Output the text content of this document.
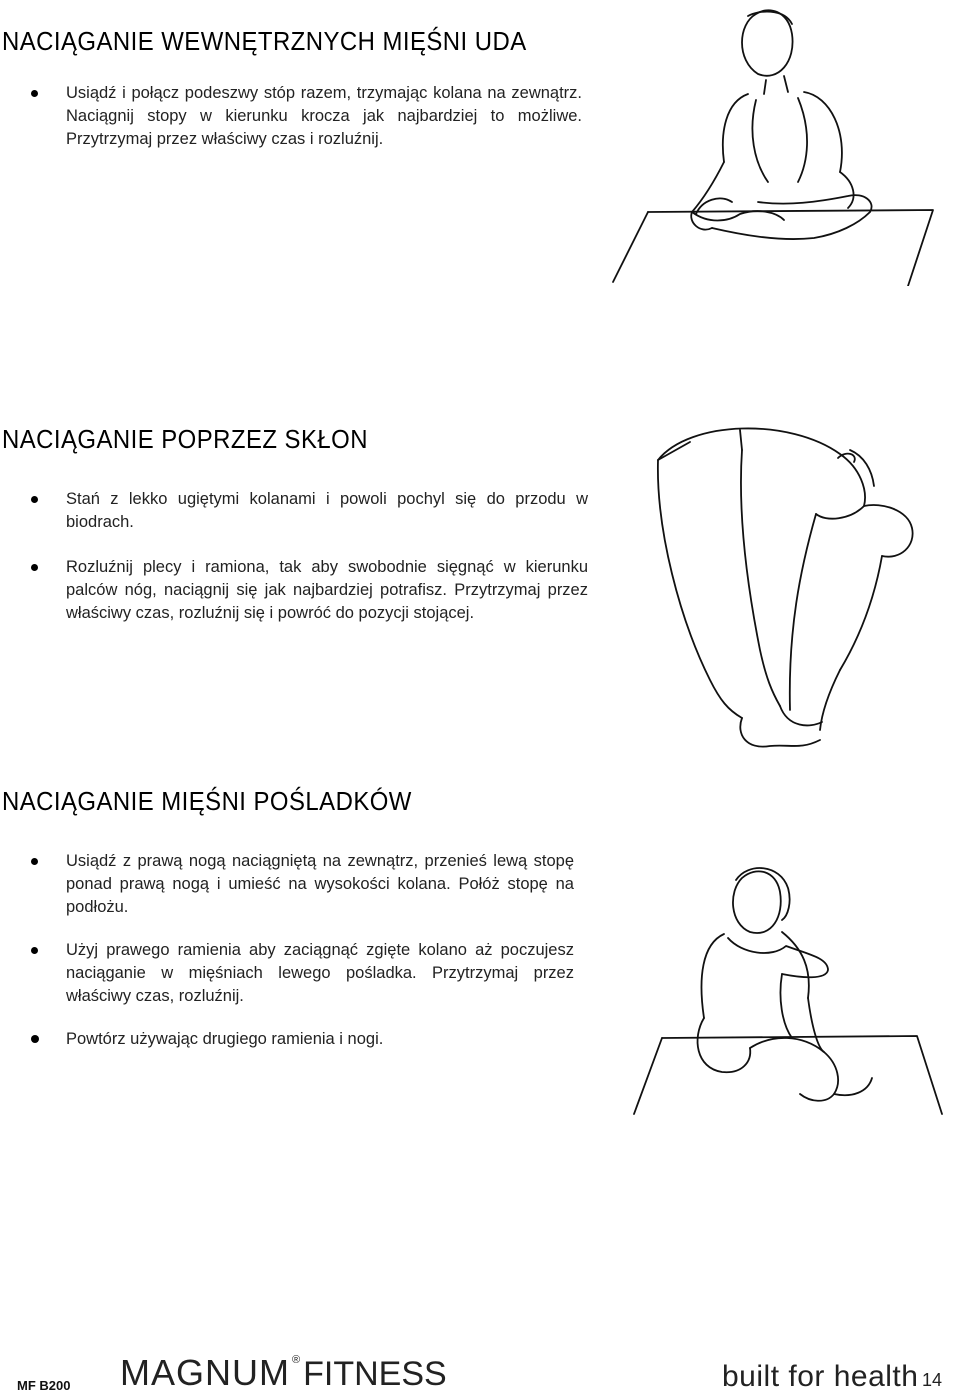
NACIĄGANIE WEWNĘTRZNYCH MIĘŚNI UDA
Usiądź i połącz podeszwy stóp razem, trzymając kolana na zewnątrz. Naciągnij stopy w kierunku krocza jak najbardziej to możliwe. Przytrzymaj przez właściwy czas i rozluźnij.
NACIĄGANIE POPRZEZ SKŁON
Stań z lekko ugiętymi kolanami i powoli pochyl się do przodu w biodrach.
Rozluźnij plecy i ramiona, tak aby swobodnie sięgnąć w kierunku palców nóg, naciągnij się jak najbardziej potrafisz. Przytrzymaj przez właściwy czas, rozluźnij się i powróć do pozycji stojącej.
NACIĄGANIE MIĘŚNI POŚLADKÓW
Usiądź z prawą nogą naciągniętą na zewnątrz, przenieś lewą stopę ponad prawą nogą i umieść na wysokości kolana. Połóż stopę na podłożu.
Użyj prawego ramienia aby zaciągnąć zgięte kolano aż poczujesz naciąganie w mięśniach lewego pośladka. Przytrzymaj przez właściwy czas, rozluźnij.
Powtórz używając drugiego ramienia i nogi.
MF B200 MAGNUM ®FITNESS	built for health 14
